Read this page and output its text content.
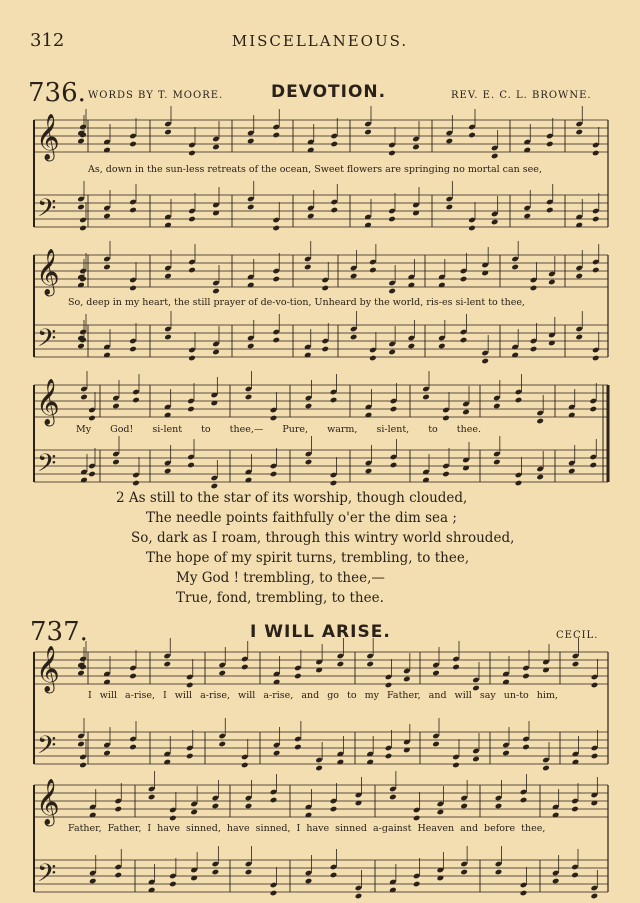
312	MISCELLANEOUS.
736. WORDS BY T. MOORE.	DEVOTION.	REV. E. C. L. BROWNE.
As, down in the sun-less retreats of the ocean, Sweet flowers are springing no mortal can see,
So, deep in my heart, the still prayer of de-vo-tion, Unheard by the world, ris-es si-lent to thee,
My God! si-lent to thee,— Pure, warm, si-lent, to thee.
2 As still to the star of its worship, though clouded,
The needle points faithfully o'er the dim sea ;
So, dark as I roam, through this wintry world shrouded,
The hope of my spirit turns, trembling, to thee,
My God ! trembling, to thee,—
True, fond, trembling, to thee.
737.	I WILL ARISE.	CECIL.
I will a-rise, I will a-rise, will a-rise, and go to my Father, and will say un-to him,
Father, Father, I have sinned, have sinned, I have sinned a-gainst Heaven and before thee,
𝄞
𝄢
𝄞
𝄢
𝄞
𝄢
𝄞
𝄢
𝄞
𝄢
